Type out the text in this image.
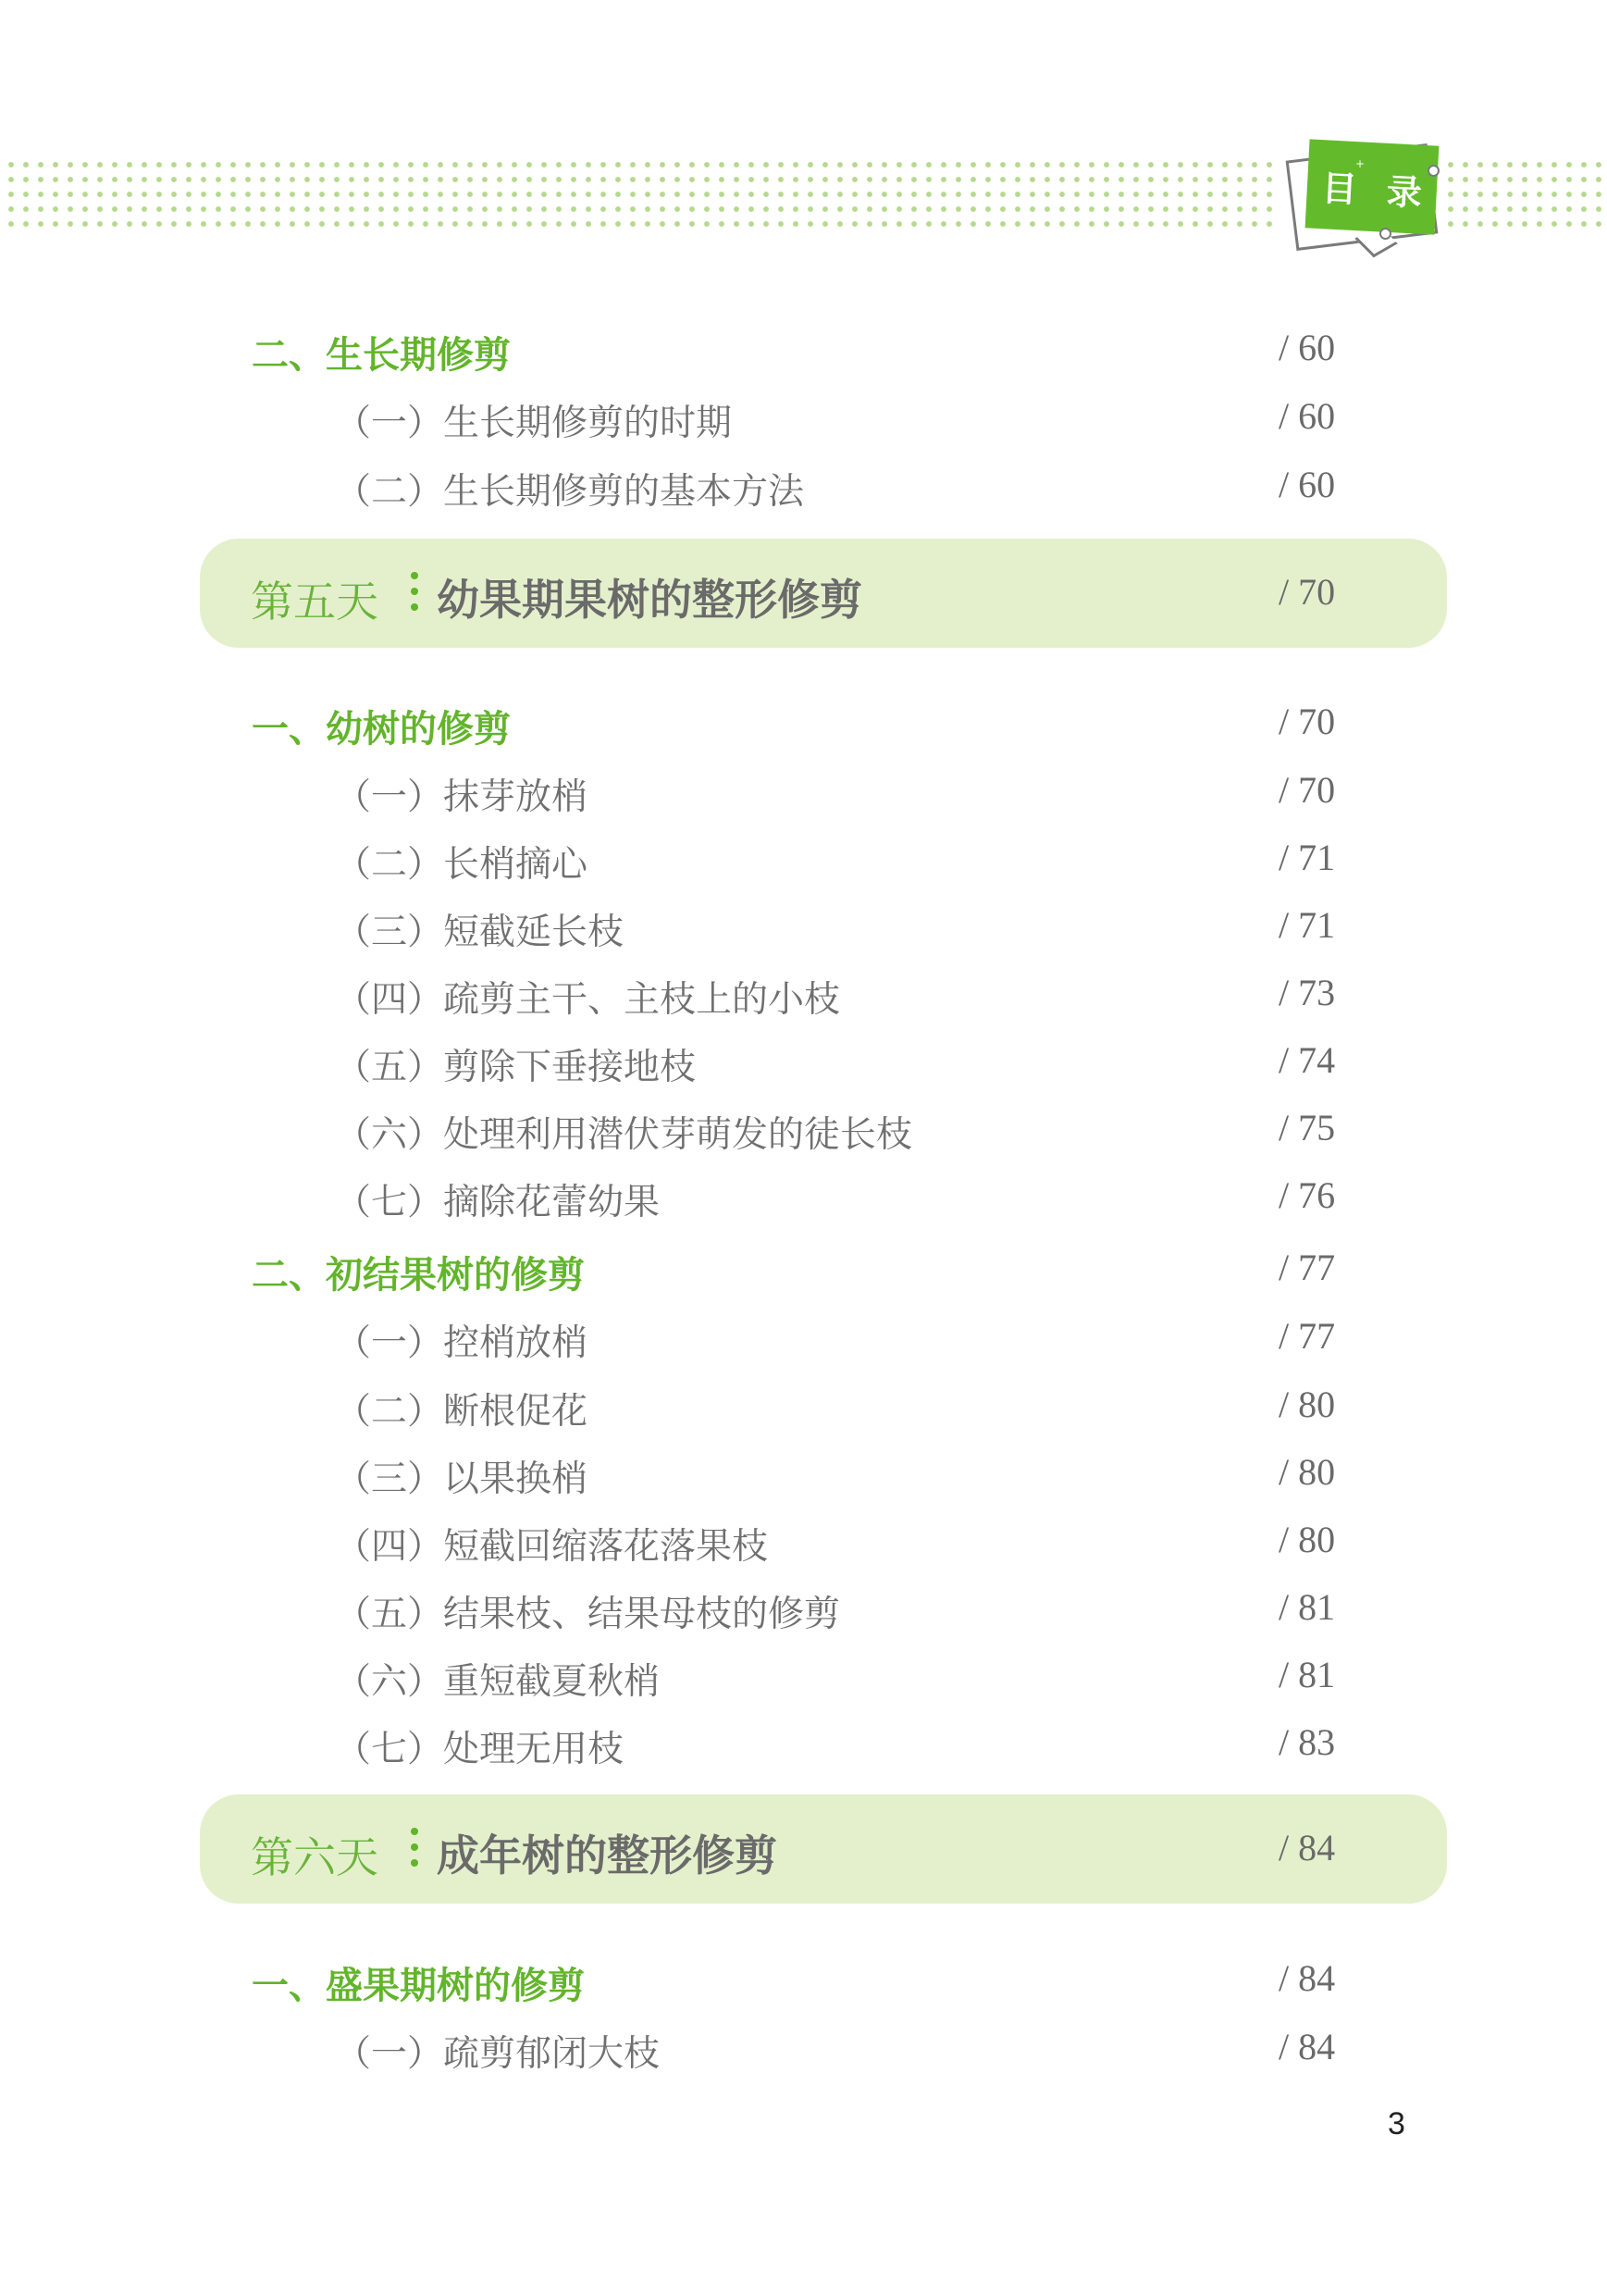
目 录
+
二、生长期修剪	/ 60
（一）生长期修剪的时期	/ 60
（二）生长期修剪的基本方法	/ 60
第五天 幼果期果树的整形修剪	/ 70
一、幼树的修剪	/ 70
（一）抹芽放梢	/ 70
（二）长梢摘心	/ 71
（三）短截延长枝	/ 71
（四）疏剪主干、主枝上的小枝	/ 73
（五）剪除下垂接地枝	/ 74
（六）处理利用潜伏芽萌发的徒长枝	/ 75
（七）摘除花蕾幼果	/ 76
二、初结果树的修剪	/ 77
（一）控梢放梢	/ 77
（二）断根促花	/ 80
（三）以果换梢	/ 80
（四）短截回缩落花落果枝	/ 80
（五）结果枝、结果母枝的修剪	/ 81
（六）重短截夏秋梢	/ 81
（七）处理无用枝	/ 83
第六天 成年树的整形修剪	/ 84
一、盛果期树的修剪	/ 84
（一）疏剪郁闭大枝	/ 84
3
